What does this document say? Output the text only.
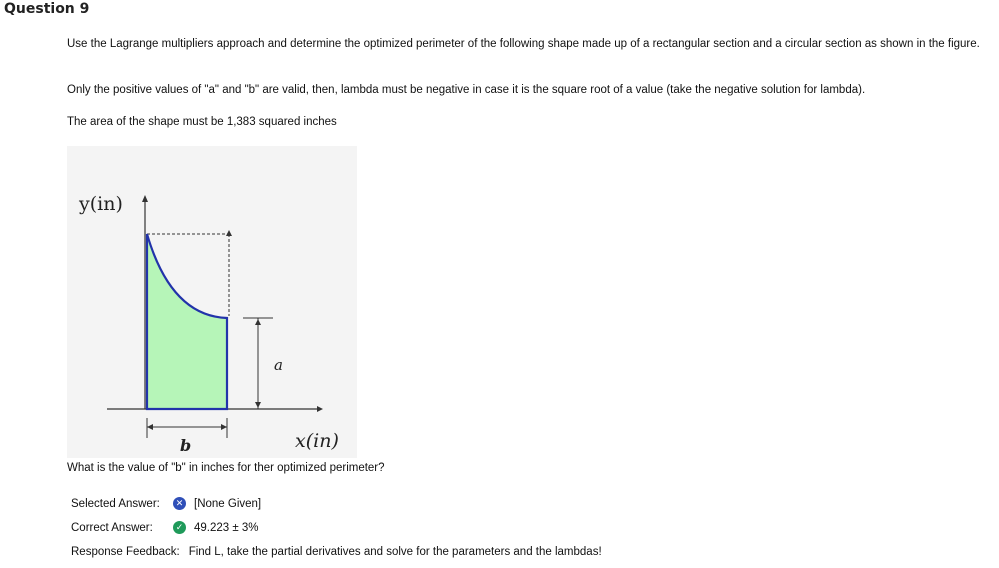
Question 9
Use the Lagrange multipliers approach and determine the optimized perimeter of the following shape made up of a rectangular section and a circular section as shown in the figure.
Only the positive values of "a" and "b" are valid, then, lambda must be negative in case it is the square root of a value (take the negative solution for lambda).
The area of the shape must be 1,383 squared inches
a
b
y(in)
x(in)
What is the value of "b" in inches for ther optimized perimeter?
Selected Answer:	✕ [None Given]
Correct Answer:	✓ 49.223 ± 3%
Response Feedback: Find L, take the partial derivatives and solve for the parameters and the lambdas!
